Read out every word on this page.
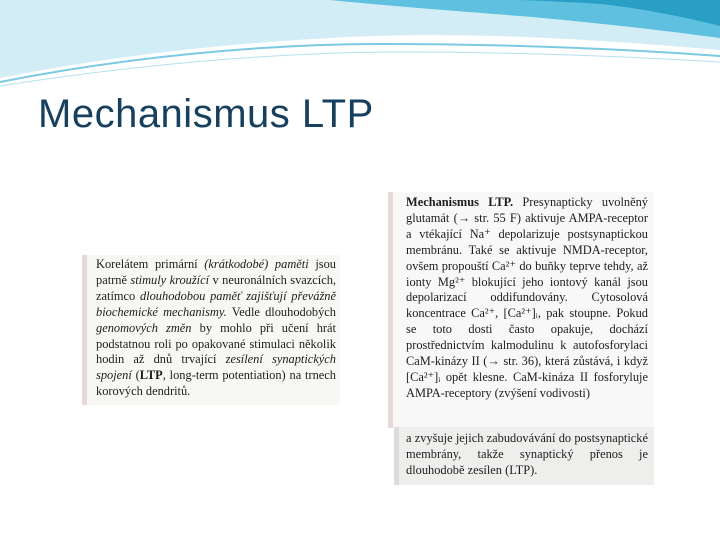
Mechanismus LTP

Korelátem primární (krátkodobé) paměti jsou patrně stimuly kroužící v neuronálních svazcích, zatímco dlouhodobou paměť zajišťují převážně biochemické mechanismy. Vedle dlouhodobých genomových změn by mohlo při učení hrát podstatnou roli po opakované stimulaci několik hodin až dnů trvající zesílení synaptických spojení (LTP, long-term potentiation) na trnech korových dendritů.

Mechanismus LTP. Presynapticky uvolněný glutamát (→ str. 55 F) aktivuje AMPA-receptor a vtékající Na⁺ depolarizuje postsynaptickou membránu. Také se aktivuje NMDA-receptor, ovšem propouští Ca²⁺ do buňky teprve tehdy, až ionty Mg²⁺ blokující jeho iontový kanál jsou depolarizací oddifundovány. Cytosolová koncentrace Ca²⁺, [Ca²⁺]ᵢ, pak stoupne. Pokud se toto dosti často opakuje, dochází prostřednictvím kalmodulinu k autofosforylaci CaM-kinázy II (→ str. 36), která zůstává, i když [Ca²⁺]ᵢ opět klesne. CaM-kináza II fosforyluje AMPA-receptory (zvýšení vodivosti)

a zvyšuje jejich zabudovávání do postsynaptické membrány, takže synaptický přenos je dlouhodobě zesílen (LTP).
